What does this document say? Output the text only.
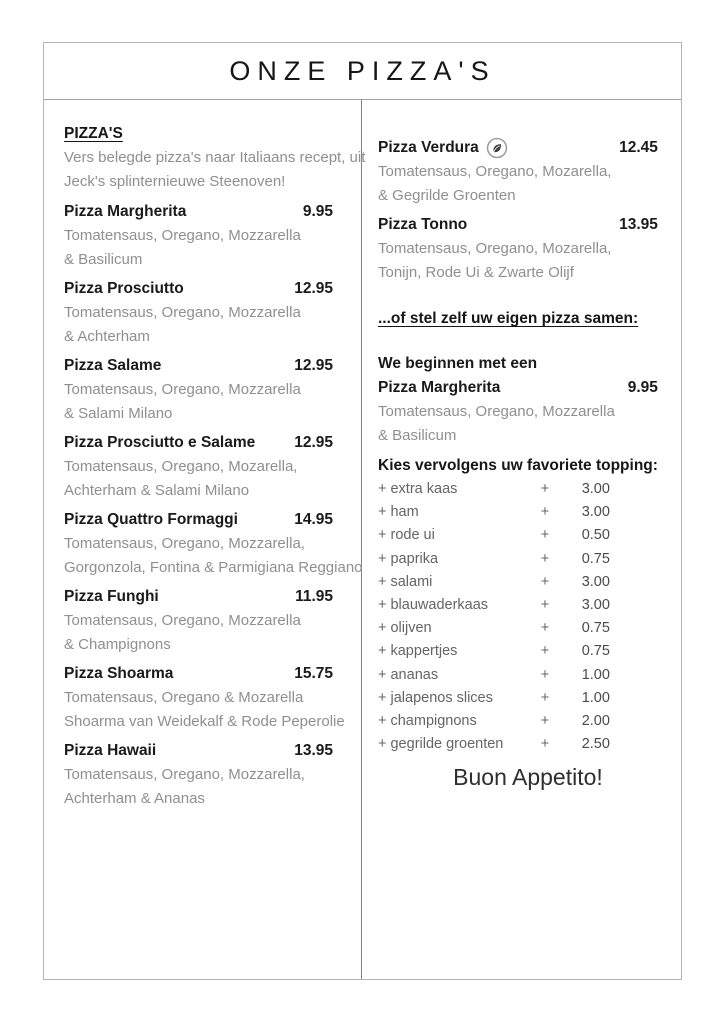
ONZE PIZZA'S
PIZZA'S
Vers belegde pizza's naar Italiaans recept, uit
Jeck's splinternieuwe Steenoven!
Pizza Margherita	9.95
Tomatensaus, Oregano, Mozzarella
& Basilicum
Pizza Prosciutto	12.95
Tomatensaus, Oregano, Mozzarella
& Achterham
Pizza Salame	12.95
Tomatensaus, Oregano, Mozzarella
& Salami Milano
Pizza Prosciutto e Salame	12.95
Tomatensaus, Oregano, Mozarella,
Achterham & Salami Milano
Pizza Quattro Formaggi	14.95
Tomatensaus, Oregano, Mozzarella,
Gorgonzola, Fontina & Parmigiana Reggiano
Pizza Funghi	11.95
Tomatensaus, Oregano, Mozzarella
& Champignons
Pizza Shoarma	15.75
Tomatensaus, Oregano & Mozarella
Shoarma van Weidekalf & Rode Peperolie
Pizza Hawaii	13.95
Tomatensaus, Oregano, Mozzarella,
Achterham & Ananas
Pizza Verdura	12.45
Tomatensaus, Oregano, Mozarella,
& Gegrilde Groenten
Pizza Tonno	13.95
Tomatensaus, Oregano, Mozarella,
Tonijn, Rode Ui & Zwarte Olijf
...of stel zelf uw eigen pizza samen:
We beginnen met een
Pizza Margherita	9.95
Tomatensaus, Oregano, Mozzarella
& Basilicum
Kies vervolgens uw favoriete topping:
+ extra kaas	+	3.00
+ ham	+	3.00
+ rode ui	+	0.50
+ paprika	+	0.75
+ salami	+	3.00
+ blauwaderkaas	+	3.00
+ olijven	+	0.75
+ kappertjes	+	0.75
+ ananas	+	1.00
+ jalapenos slices	+	1.00
+ champignons	+	2.00
+ gegrilde groenten	+	2.50
Buon Appetito!
